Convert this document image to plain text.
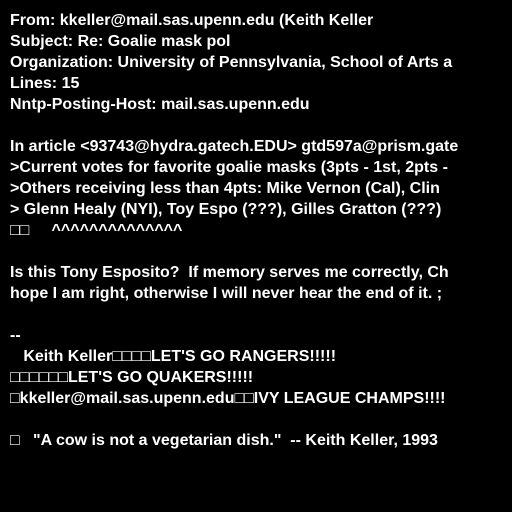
From: kkeller@mail.sas.upenn.edu (Keith Keller
Subject: Re: Goalie mask pol
Organization: University of Pennsylvania, School of Arts a
Lines: 15
Nntp-Posting-Host: mail.sas.upenn.edu
In article <93743@hydra.gatech.EDU> gtd597a@prism.gate
>Current votes for favorite goalie masks (3pts - 1st, 2pts -
>Others receiving less than 4pts: Mike Vernon (Cal), Clin
> Glenn Healy (NYI), Toy Espo (???), Gilles Gratton (???)
□□     ^^^^^^^^^^^^^^
Is this Tony Esposito?  If memory serves me correctly, Ch
hope I am right, otherwise I will never hear the end of it. ;
--
Keith Keller□□□□LET'S GO RANGERS!!!!!
□□□□□□LET'S GO QUAKERS!!!!!
□kkeller@mail.sas.upenn.edu□□IVY LEAGUE CHAMPS!!!!
□   "A cow is not a vegetarian dish."  -- Keith Keller, 1993
